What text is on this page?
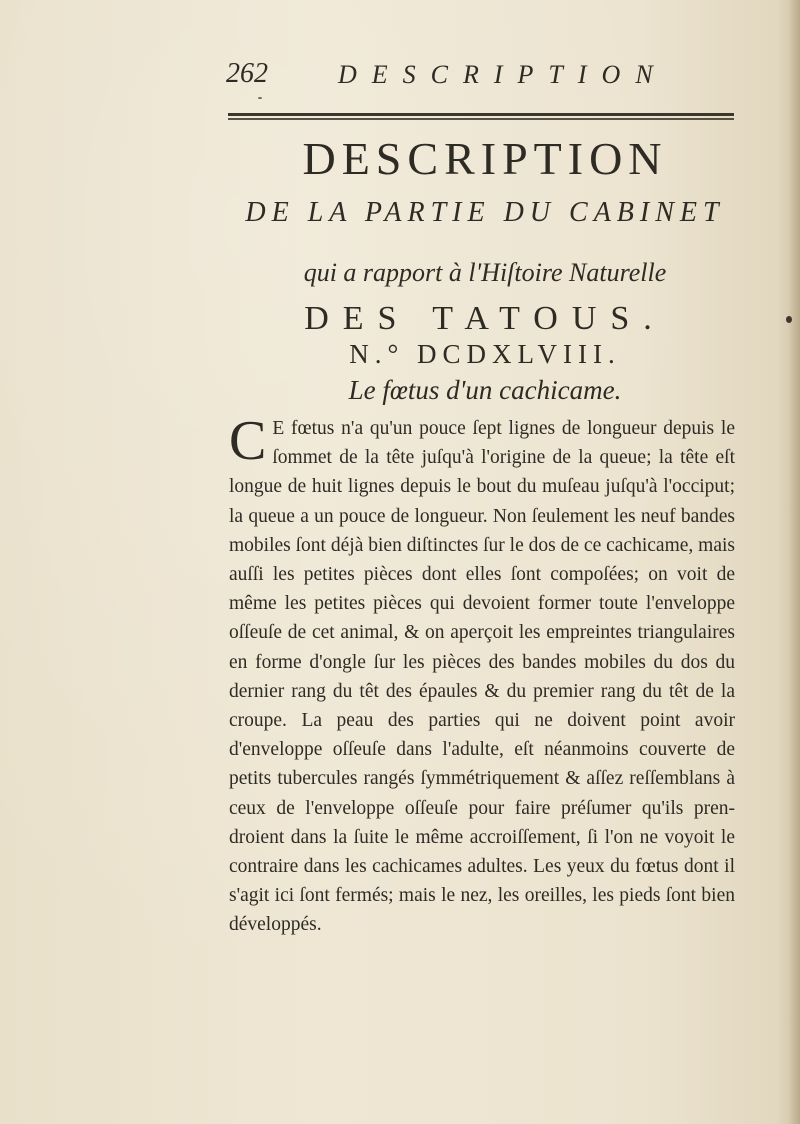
262	DESCRIPTION
DESCRIPTION
DE LA PARTIE DU CABINET
qui a rapport à l'Hiſtoire Naturelle
DES TATOUS.
N.° DCDXLVIII.
Le fœtus d'un cachicame.
C E fœtus n'a qu'un pouce ſept lignes de longueur depuis le ſommet de la tête juſqu'à l'origine de la queue; la tête eſt longue de huit lignes depuis le bout du muſeau juſqu'à l'occiput; la queue a un pouce de longueur. Non ſeulement les neuf bandes mobiles ſont déjà bien diſtinctes ſur le dos de ce cachicame, mais auſſi les petites pièces dont elles ſont compoſées; on voit de même les petites pièces qui devoient former toute l'enveloppe oſſeuſe de cet animal, & on aperçoit les empreintes triangulaires en forme d'ongle ſur les pièces des bandes mobiles du dos du dernier rang du têt des épaules & du premier rang du têt de la croupe. La peau des parties qui ne doivent point avoir d'enveloppe oſſeuſe dans l'adulte, eſt néanmoins couverte de petits tubercules rangés ſymmétriquement & aſſez reſſemblans à ceux de l'enveloppe oſſeuſe pour faire préſumer qu'ils pren-droient dans la ſuite le même accroiſſement, ſi l'on ne voyoit le contraire dans les cachicames adultes. Les yeux du fœtus dont il s'agit ici ſont fermés; mais le nez, les oreilles, les pieds ſont bien développés.
